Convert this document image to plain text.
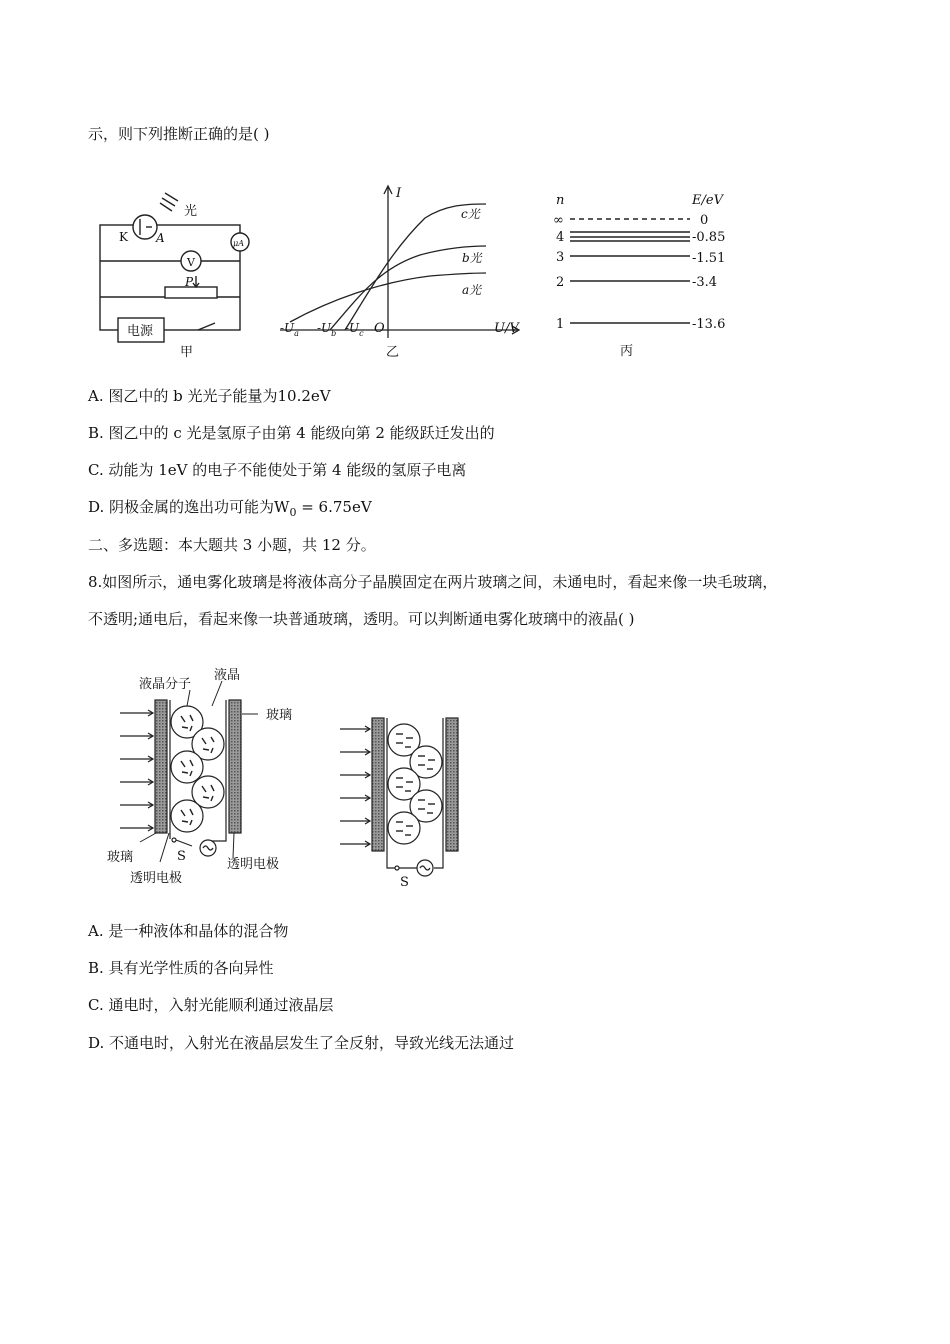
示，则下列推断正确的是( )
光
K A	μA
V
P
电源
甲
I
U/V
O
c光
b光
a光
$-U_a$ $-U_b$ $-U_c$
乙
n	E/eV
∞	0
4	-0.85
3	-1.51
2	-3.4
1	-13.6
丙
A. 图乙中的 b 光光子能量为10.2eV
B. 图乙中的 c 光是氢原子由第 4 能级向第 2 能级跃迁发出的
C. 动能为 1eV 的电子不能使处于第 4 能级的氢原子电离
D. 阴极金属的逸出功可能为$W_0 = 6.75eV$
二、多选题：本大题共 3 小题，共 12 分。
8.如图所示，通电雾化玻璃是将液体高分子晶膜固定在两片玻璃之间，未通电时，看起来像一块毛玻璃，
不透明;通电后，看起来像一块普通玻璃，透明。可以判断通电雾化玻璃中的液晶( )
液晶分子
液晶
玻璃
玻璃
透明电极
透明电极
S
S
A. 是一种液体和晶体的混合物
B. 具有光学性质的各向异性
C. 通电时，入射光能顺利通过液晶层
D. 不通电时，入射光在液晶层发生了全反射，导致光线无法通过
